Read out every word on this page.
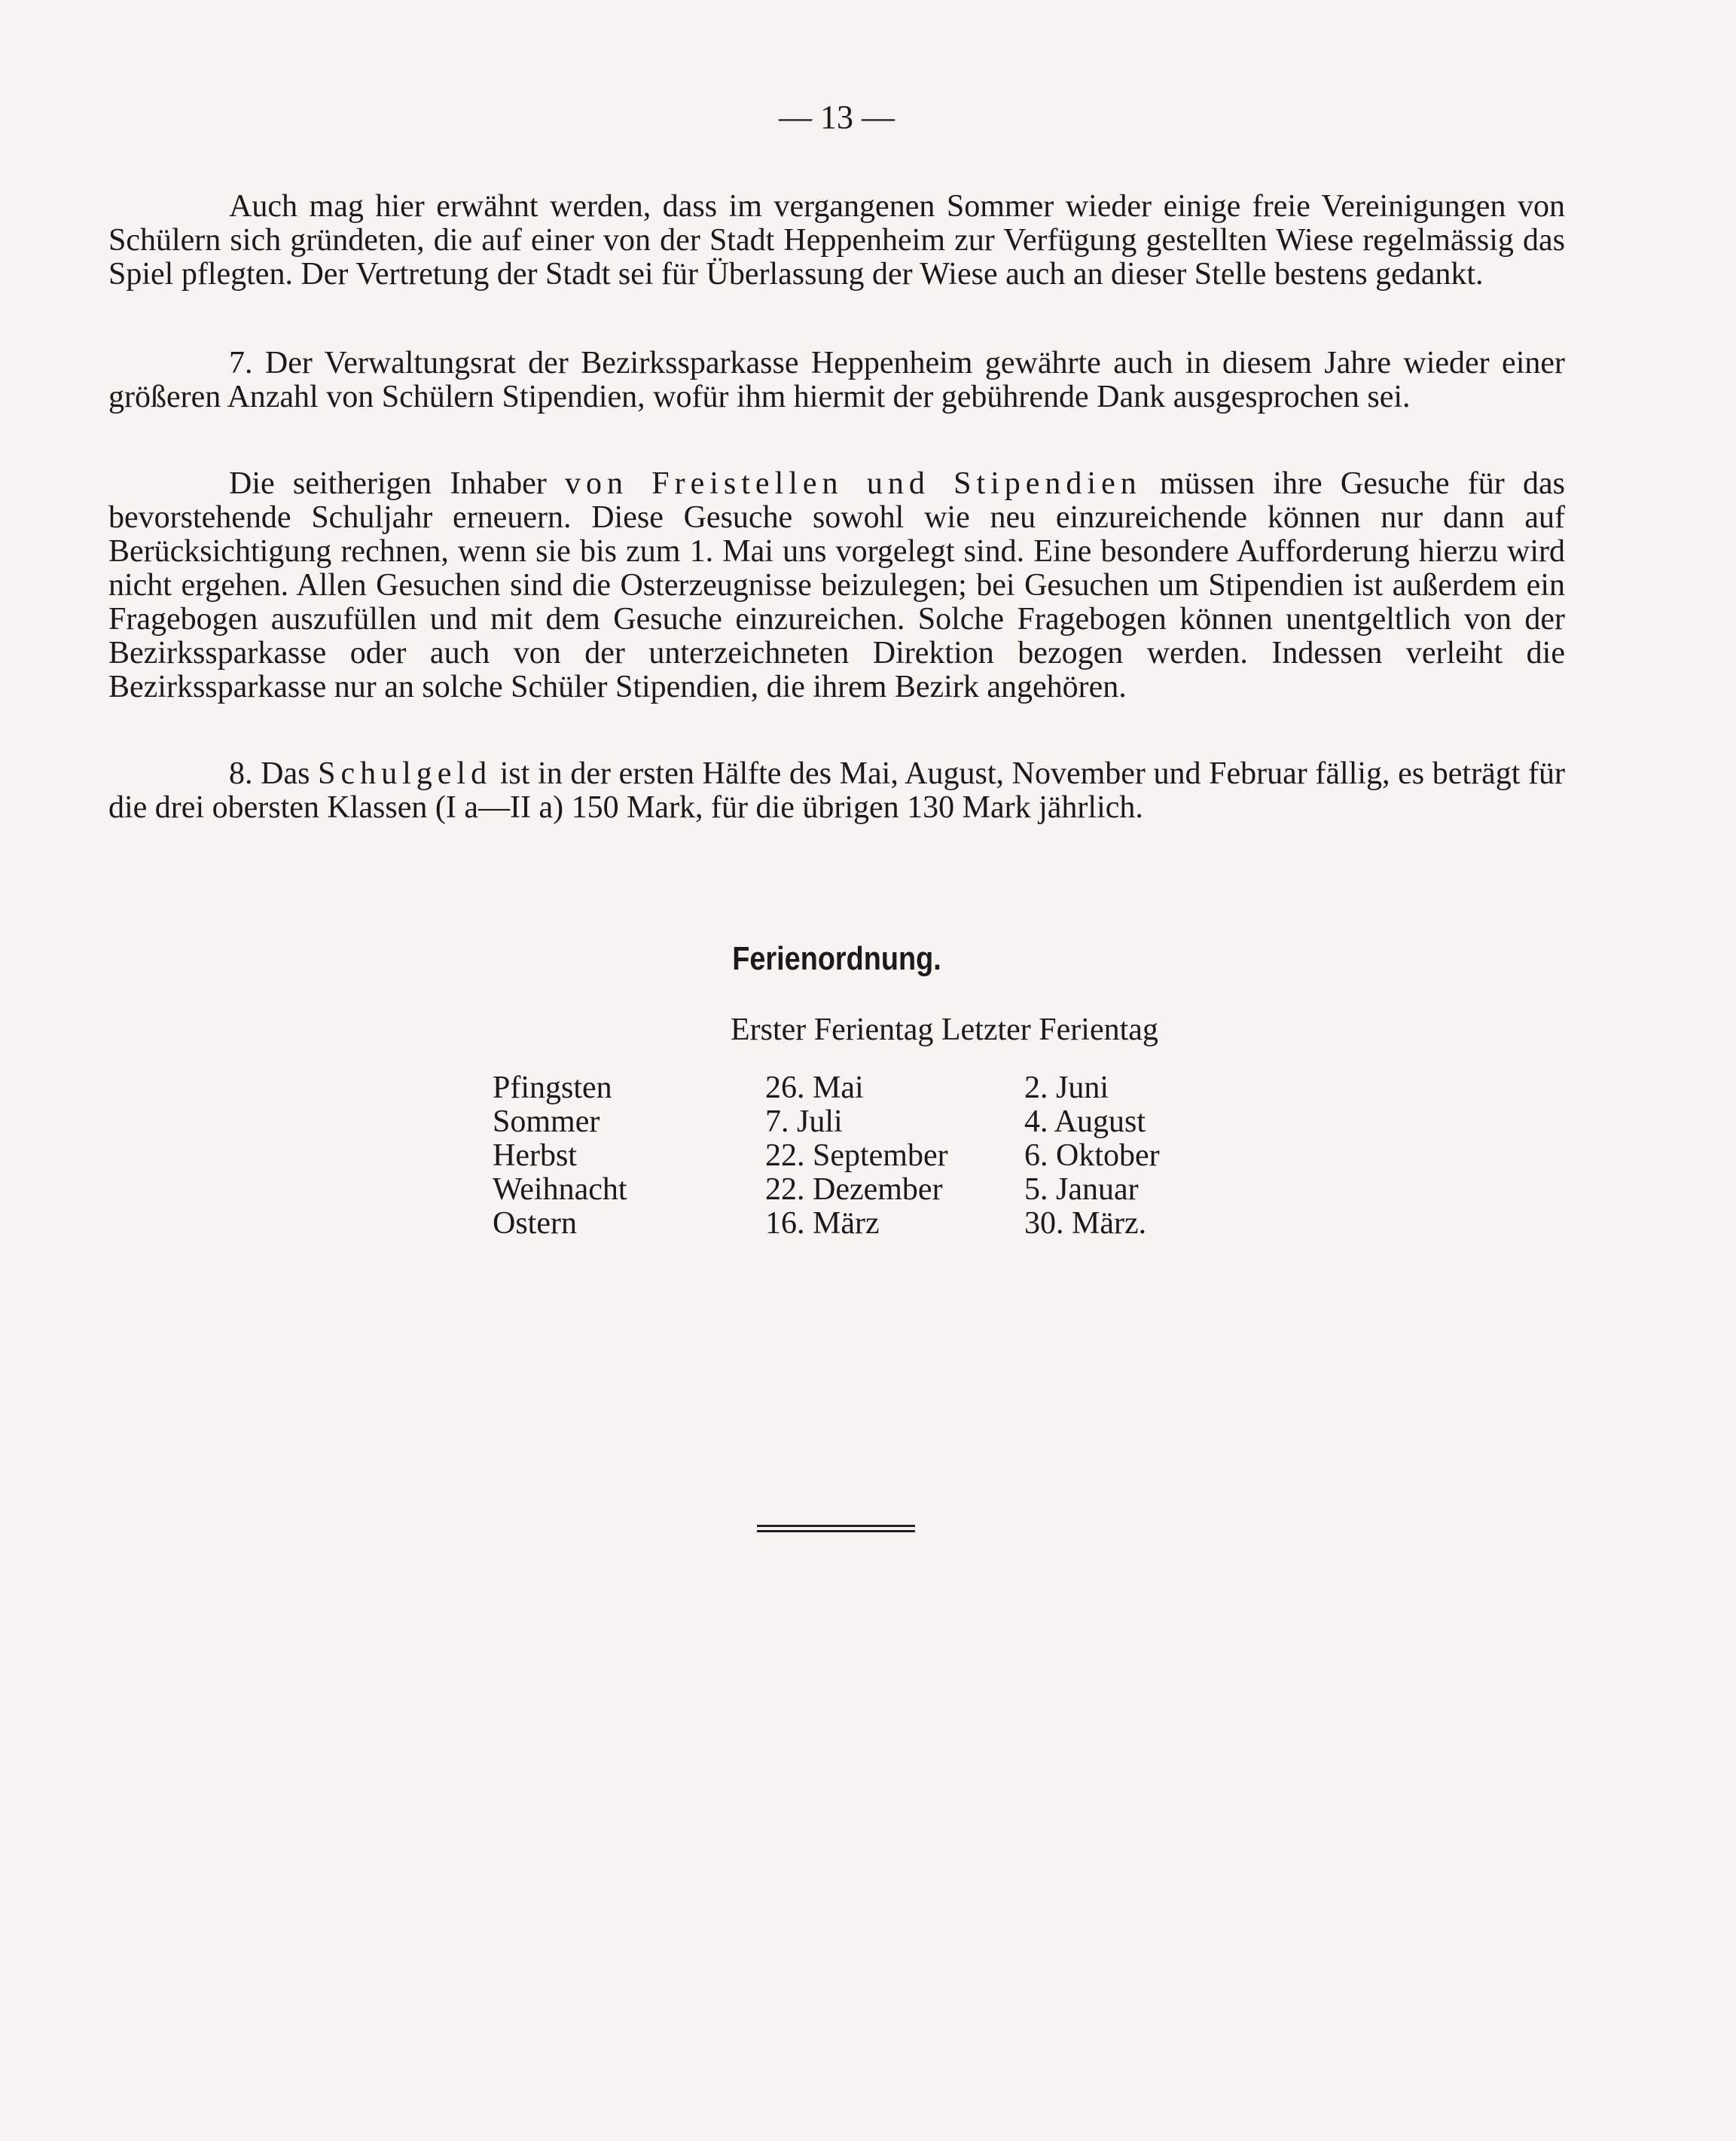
— 13 —

Auch mag hier erwähnt werden, dass im vergangenen Sommer wieder einige freie Vereinigungen von Schülern sich gründeten, die auf einer von der Stadt Heppenheim zur Verfügung gestellten Wiese regelmässig das Spiel pflegten. Der Vertretung der Stadt sei für Überlassung der Wiese auch an dieser Stelle bestens gedankt.

7. Der Verwaltungsrat der Bezirkssparkasse Heppenheim gewährte auch in diesem Jahre wieder einer größeren Anzahl von Schülern Stipendien, wofür ihm hiermit der gebührende Dank ausgesprochen sei.

Die seitherigen Inhaber von Freistellen und Stipendien müssen ihre Gesuche für das bevorstehende Schuljahr erneuern. Diese Gesuche sowohl wie neu einzureichende können nur dann auf Berücksichtigung rechnen, wenn sie bis zum 1. Mai uns vorgelegt sind. Eine besondere Aufforderung hierzu wird nicht ergehen. Allen Gesuchen sind die Osterzeugnisse beizulegen; bei Gesuchen um Stipendien ist außerdem ein Fragebogen auszufüllen und mit dem Gesuche einzureichen. Solche Fragebogen können unentgeltlich von der Bezirkssparkasse oder auch von der unterzeichneten Direktion bezogen werden. Indessen verleiht die Bezirkssparkasse nur an solche Schüler Stipendien, die ihrem Bezirk angehören.

8. Das Schulgeld ist in der ersten Hälfte des Mai, August, November und Februar fällig, es beträgt für die drei obersten Klassen (I a—II a) 150 Mark, für die übrigen 130 Mark jährlich.

Ferienordnung.
Erster Ferientag Letzter Ferientag
Pfingsten	26. Mai	2. Juni
Sommer	7. Juli	4. August
Herbst	22. September 6. Oktober
Weihnacht	22. Dezember	5. Januar
Ostern	16. März	30. März.
